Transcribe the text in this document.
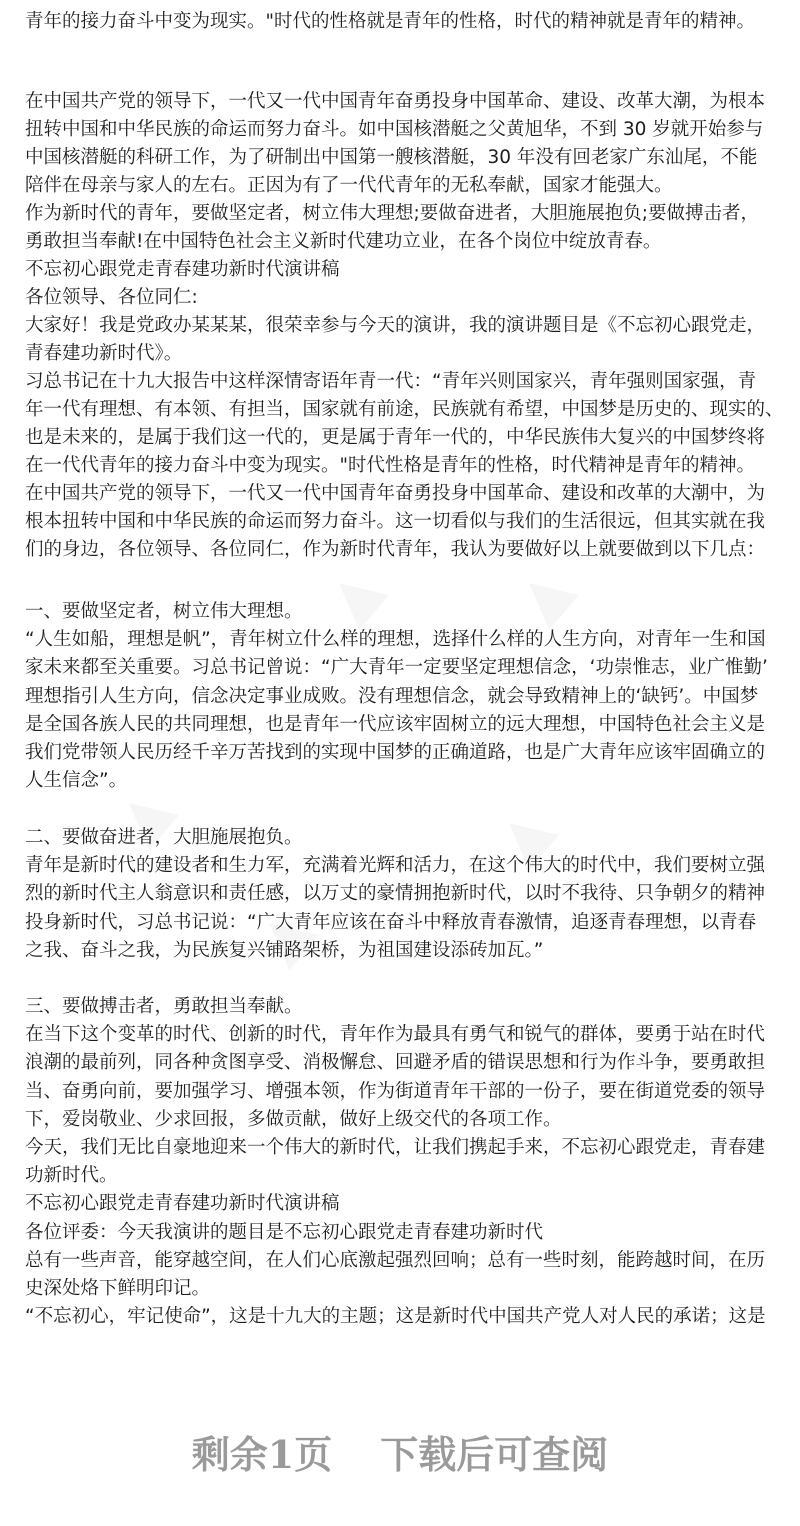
青年的接力奋斗中变为现实。"时代的性格就是青年的性格，时代的精神就是青年的精神。
在中国共产党的领导下，一代又一代中国青年奋勇投身中国革命、建设、改革大潮，为根本
扭转中国和中华民族的命运而努力奋斗。如中国核潜艇之父黄旭华，不到 30 岁就开始参与
中国核潜艇的科研工作，为了研制出中国第一艘核潜艇，30 年没有回老家广东汕尾，不能
陪伴在母亲与家人的左右。正因为有了一代代青年的无私奉献，国家才能强大。
作为新时代的青年，要做坚定者，树立伟大理想;要做奋进者，大胆施展抱负;要做搏击者，
勇敢担当奉献!在中国特色社会主义新时代建功立业，在各个岗位中绽放青春。
不忘初心跟党走青春建功新时代演讲稿
各位领导、各位同仁:
大家好！我是党政办某某某，很荣幸参与今天的演讲，我的演讲题目是《不忘初心跟党走，
青春建功新时代》。
习总书记在十九大报告中这样深情寄语年青一代：“青年兴则国家兴，青年强则国家强，青
年一代有理想、有本领、有担当，国家就有前途，民族就有希望，中国梦是历史的、现实的、
也是未来的，是属于我们这一代的，更是属于青年一代的，中华民族伟大复兴的中国梦终将
在一代代青年的接力奋斗中变为现实。"时代性格是青年的性格，时代精神是青年的精神。
在中国共产党的领导下，一代又一代中国青年奋勇投身中国革命、建设和改革的大潮中，为
根本扭转中国和中华民族的命运而努力奋斗。这一切看似与我们的生活很远，但其实就在我
们的身边，各位领导、各位同仁，作为新时代青年，我认为要做好以上就要做到以下几点：
一、要做坚定者，树立伟大理想。
“人生如船，理想是帆”，青年树立什么样的理想，选择什么样的人生方向，对青年一生和国
家未来都至关重要。习总书记曾说：“广大青年一定要坚定理想信念，‘功崇惟志，业广惟勤’
理想指引人生方向，信念决定事业成败。没有理想信念，就会导致精神上的‘缺钙’。中国梦
是全国各族人民的共同理想，也是青年一代应该牢固树立的远大理想，中国特色社会主义是
我们党带领人民历经千辛万苦找到的实现中国梦的正确道路，也是广大青年应该牢固确立的
人生信念”。
二、要做奋进者，大胆施展抱负。
青年是新时代的建设者和生力军，充满着光辉和活力，在这个伟大的时代中，我们要树立强
烈的新时代主人翁意识和责任感，以万丈的豪情拥抱新时代，以时不我待、只争朝夕的精神
投身新时代，习总书记说：“广大青年应该在奋斗中释放青春激情，追逐青春理想，以青春
之我、奋斗之我，为民族复兴铺路架桥，为祖国建设添砖加瓦。”
三、要做搏击者，勇敢担当奉献。
在当下这个变革的时代、创新的时代，青年作为最具有勇气和锐气的群体，要勇于站在时代
浪潮的最前列，同各种贪图享受、消极懈怠、回避矛盾的错误思想和行为作斗争，要勇敢担
当、奋勇向前，要加强学习、增强本领，作为街道青年干部的一份子，要在街道党委的领导
下，爱岗敬业、少求回报，多做贡献，做好上级交代的各项工作。
今天，我们无比自豪地迎来一个伟大的新时代，让我们携起手来，不忘初心跟党走，青春建
功新时代。
不忘初心跟党走青春建功新时代演讲稿
各位评委：今天我演讲的题目是不忘初心跟党走青春建功新时代
总有一些声音，能穿越空间，在人们心底激起强烈回响；总有一些时刻，能跨越时间，在历
史深处烙下鲜明印记。
“不忘初心，牢记使命”，这是十九大的主题；这是新时代中国共产党人对人民的承诺；这是
剩余1页 下载后可查阅
